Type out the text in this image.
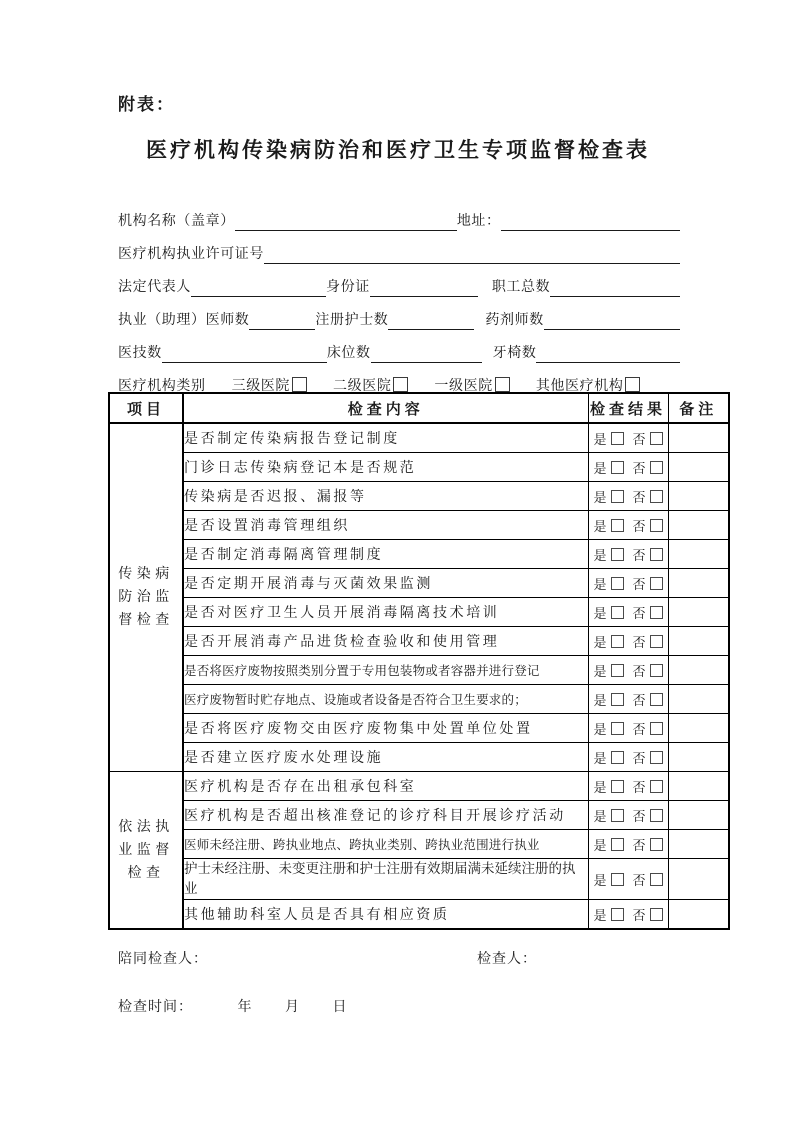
附表：
医疗机构传染病防治和医疗卫生专项监督检查表
机构名称（盖章）	地址：
医疗机构执业许可证号
法定代表人	身份证	职工总数
执业（助理）医师数	注册护士数	药剂师数
医技数	床位数	牙椅数
医疗机构类别 三级医院	二级医院	一级医院	其他医疗机构
项目	检查内容	检查结果	备注

传染病
防治监
督检查	是否制定传染病报告登记制度	是 否	
	门诊日志传染病登记本是否规范	是 否	
	传染病是否迟报、漏报等	是 否	
	是否设置消毒管理组织	是 否	
	是否制定消毒隔离管理制度	是 否	
	是否定期开展消毒与灭菌效果监测	是 否	
	是否对医疗卫生人员开展消毒隔离技术培训	是 否	
	是否开展消毒产品进货检查验收和使用管理	是 否	
	是否将医疗废物按照类别分置于专用包装物或者容器并进行登记	是 否	
	医疗废物暂时贮存地点、设施或者设备是否符合卫生要求的；	是 否	
	是否将医疗废物交由医疗废物集中处置单位处置	是 否	
	是否建立医疗废水处理设施	是 否	

依法执
业监督
检查	医疗机构是否存在出租承包科室	是 否	
	医疗机构是否超出核准登记的诊疗科目开展诊疗活动	是 否	
	医师未经注册、跨执业地点、跨执业类别、跨执业范围进行执业	是 否	
	护士未经注册、未变更注册和护士注册有效期届满未延续注册的执业	是 否	
	其他辅助科室人员是否具有相应资质	是 否	
陪同检查人：	检查人：
检查时间：	年 月 日
